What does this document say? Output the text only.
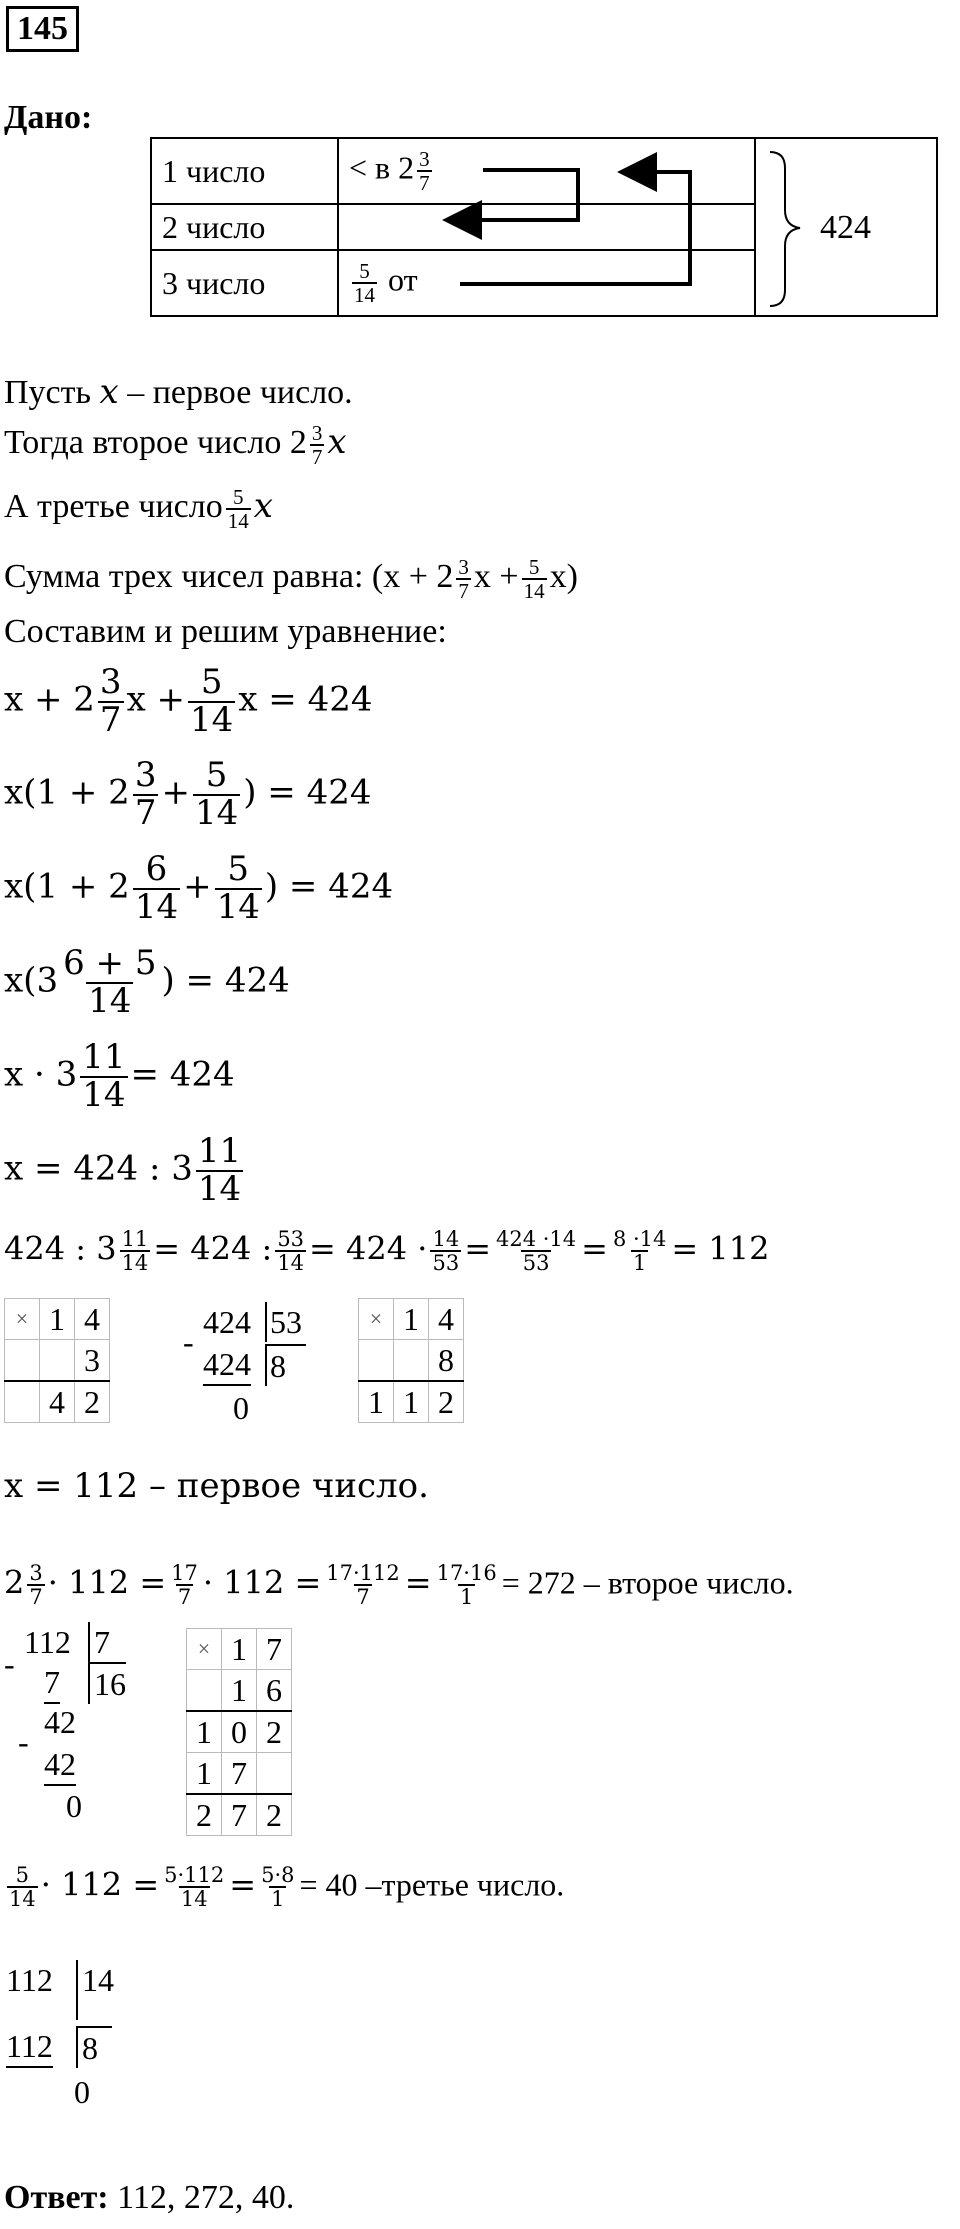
145
Дано:
1 число	< в $2 \frac{3}{7}$

2 число		
3 число	$\frac{5}{14}$ от	
424
Пусть x – первое число.
Тогда второе число $2 \frac{3}{7}$ x
А третье число $\frac{5}{14}$ x
Сумма трех чисел равна: ($x + 2 \frac{3}{7}$ $x + \frac{5}{14} x$)
Составим и решим уравнение:
$x + 2 \frac{3}{7}$ $x + \frac{5}{14}$ x = 424
$x(1 + 2 \frac{3}{7} + \frac{5}{14}$ ) = 424
$x(1 + 2 \frac{6}{14} + \frac{5}{14}$ ) = 424
$x(3 \frac{6 + 5}{14}$ ) = 424
$x \cdot 3 \frac{11}{14} = 424$
x = 424 : $3 \frac{11}{14}$
424 : $3 \frac{11}{14} = 424$ : $\frac{53}{14} = 424 \cdot \frac{14}{53} = \frac{424 \cdot 14}{53} = \frac{8 \cdot 14}{1} = 112$
×	1	4
		3
	4	2
-
424 53
424 8
0
×	1	4
		8
1	1	2
x = 112 – первое число.
$2 \frac{3}{7} \cdot 112 = \frac{17}{7} \cdot 112 = \frac{17\cdot 112}{7} = \frac{17\cdot 16}{1} = 272$ – второе число.
-
112 7
7 16
-
42
42
0
×	1	7
	1	6
1	0	2
1	7	
2	7	2
$\frac{5}{14} \cdot 112 = \frac{5\cdot 112}{14} = \frac{5\cdot 8}{1} = 40$ –третье число.
112 14
112 8
0
Ответ: 112, 272, 40.
